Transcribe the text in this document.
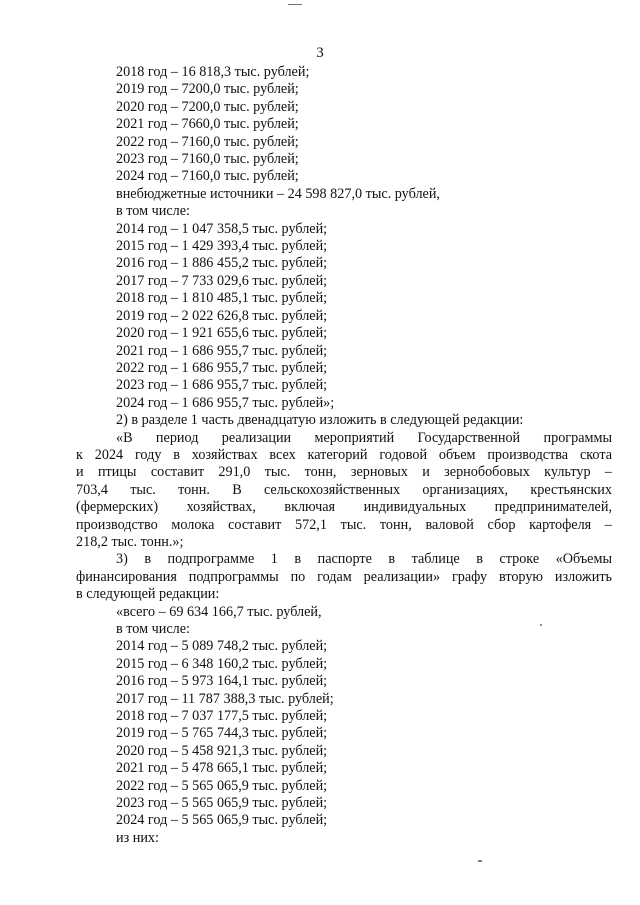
3

2018 год – 16 818,3 тыс. рублей;

2019 год – 7200,0 тыс. рублей;

2020 год – 7200,0 тыс. рублей;

2021 год – 7660,0 тыс. рублей;

2022 год – 7160,0 тыс. рублей;

2023 год – 7160,0 тыс. рублей;

2024 год – 7160,0 тыс. рублей;

внебюджетные источники – 24 598 827,0 тыс. рублей,

в том числе:

2014 год – 1 047 358,5 тыс. рублей;

2015 год – 1 429 393,4 тыс. рублей;

2016 год – 1 886 455,2 тыс. рублей;

2017 год – 7 733 029,6 тыс. рублей;

2018 год – 1 810 485,1 тыс. рублей;

2019 год – 2 022 626,8 тыс. рублей;

2020 год – 1 921 655,6 тыс. рублей;

2021 год – 1 686 955,7 тыс. рублей;

2022 год – 1 686 955,7 тыс. рублей;

2023 год – 1 686 955,7 тыс. рублей;

2024 год – 1 686 955,7 тыс. рублей»;

2) в разделе 1 часть двенадцатую изложить в следующей редакции:

«В период реализации мероприятий Государственной программы

к 2024 году в хозяйствах всех категорий годовой объем производства скота

и птицы составит 291,0 тыс. тонн, зерновых и зернобобовых культур –

703,4 тыс. тонн. В сельскохозяйственных организациях, крестьянских

(фермерских) хозяйствах, включая индивидуальных предпринимателей,

производство молока составит 572,1 тыс. тонн, валовой сбор картофеля –

218,2 тыс. тонн.»;

3) в подпрограмме 1 в паспорте в таблице в строке «Объемы

финансирования подпрограммы по годам реализации» графу вторую изложить

в следующей редакции:

«всего – 69 634 166,7 тыс. рублей,

в том числе:

2014 год – 5 089 748,2 тыс. рублей;

2015 год – 6 348 160,2 тыс. рублей;

2016 год – 5 973 164,1 тыс. рублей;

2017 год – 11 787 388,3 тыс. рублей;

2018 год – 7 037 177,5 тыс. рублей;

2019 год – 5 765 744,3 тыс. рублей;

2020 год – 5 458 921,3 тыс. рублей;

2021 год – 5 478 665,1 тыс. рублей;

2022 год – 5 565 065,9 тыс. рублей;

2023 год – 5 565 065,9 тыс. рублей;

2024 год – 5 565 065,9 тыс. рублей;

из них:
